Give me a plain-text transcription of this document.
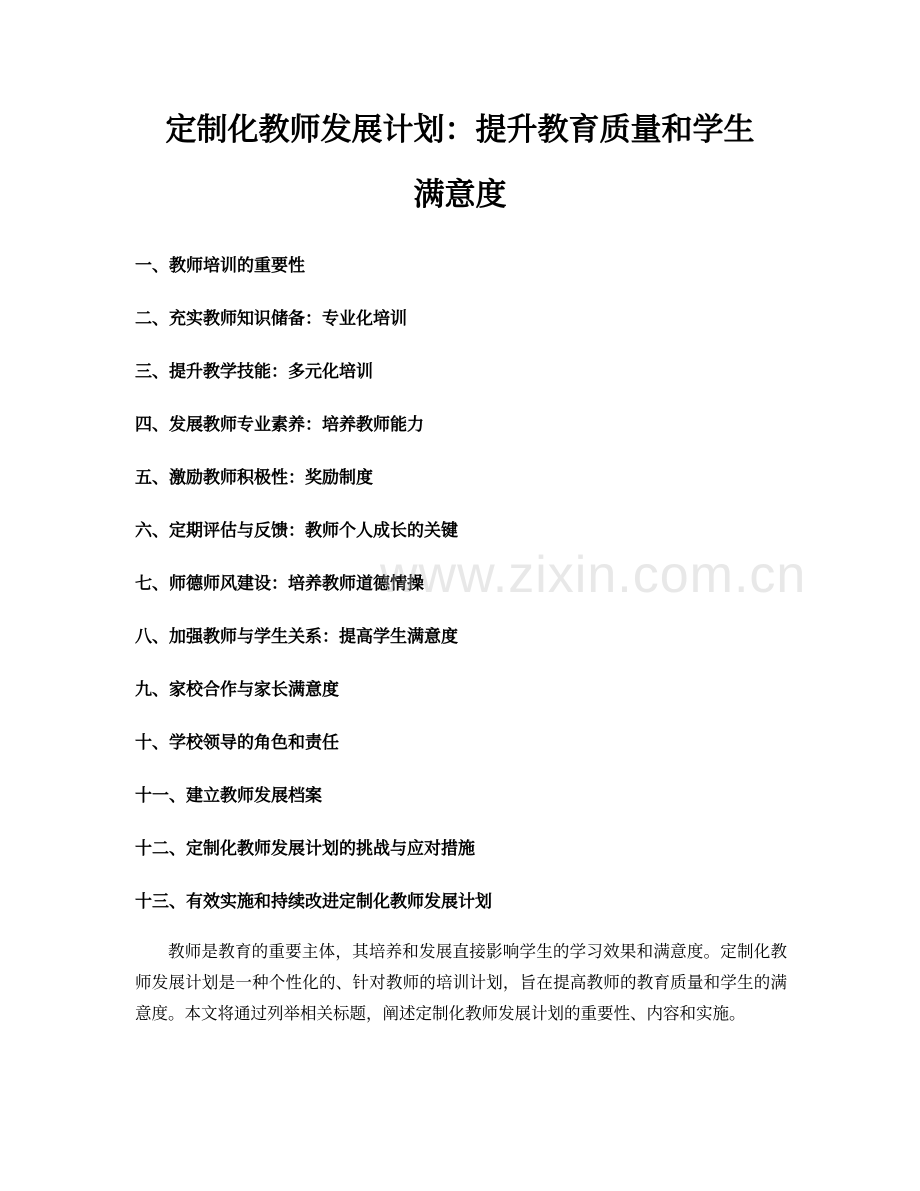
定制化教师发展计划：提升教育质量和学生
满意度
一、教师培训的重要性
二、充实教师知识储备：专业化培训
三、提升教学技能：多元化培训
四、发展教师专业素养：培养教师能力
五、激励教师积极性：奖励制度
六、定期评估与反馈：教师个人成长的关键
七、师德师风建设：培养教师道德情操
八、加强教师与学生关系：提高学生满意度
九、家校合作与家长满意度
十、学校领导的角色和责任
十一、建立教师发展档案
十二、定制化教师发展计划的挑战与应对措施
十三、有效实施和持续改进定制化教师发展计划

教师是教育的重要主体，其培养和发展直接影响学生的学习效果和满意度。定制化教师发展计划是一种个性化的、针对教师的培训计划，旨在提高教师的教育质量和学生的满意度。本文将通过列举相关标题，阐述定制化教师发展计划的重要性、内容和实施。

www.zixin.com.cn
